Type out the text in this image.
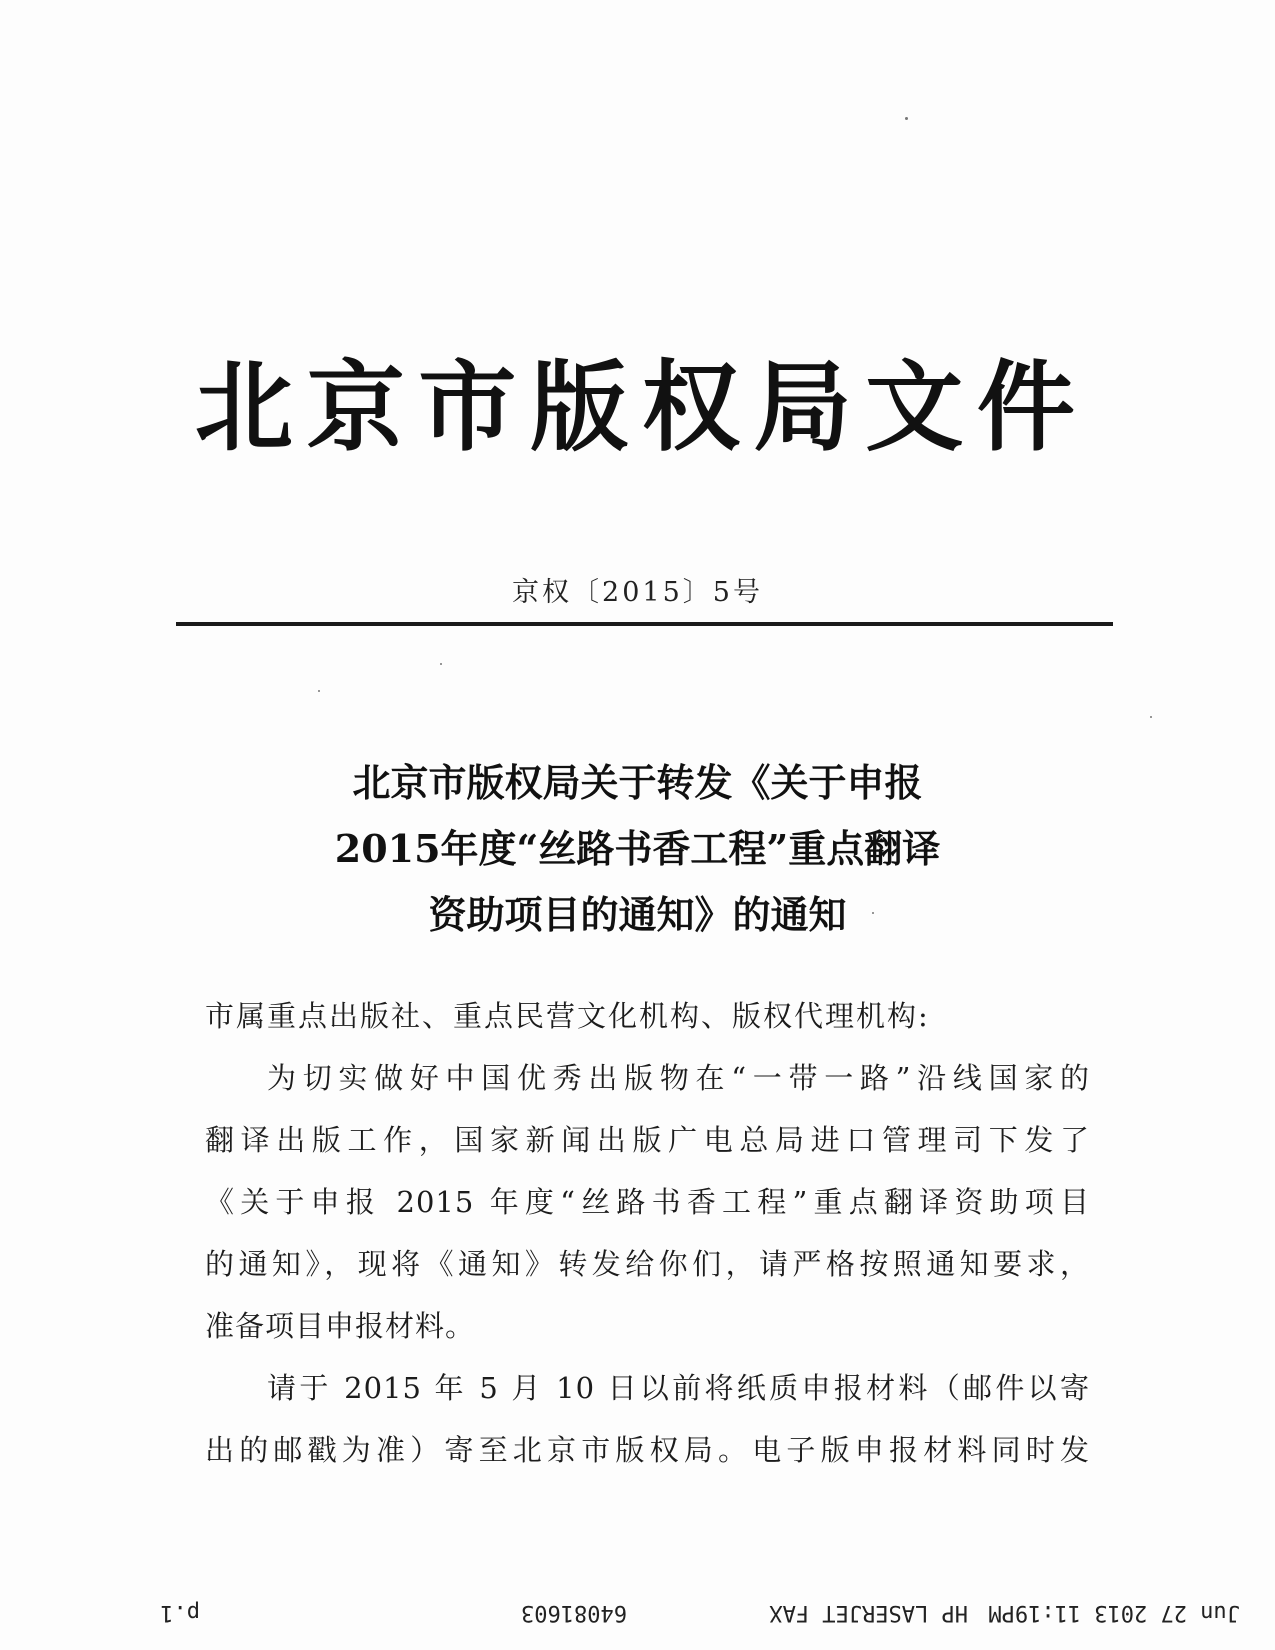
北 京 市 版 权 局 文 件
京权〔2015〕5号
北京市版权局关于转发《关于申报
2015年度“丝路书香工程”重点翻译
资助项目的通知》的通知
市属重点出版社、重点民营文化机构、版权代理机构:
为切实做好中国优秀出版物在“一带一路”沿线国家的
翻译出版工作，国家新闻出版广电总局进口管理司下发了
《关于申报 2015 年度“丝路书香工程”重点翻译资助项目
的通知》，现将《通知》转发给你们，请严格按照通知要求，
准备项目申报材料。
请于 2015 年 5 月 10 日以前将纸质申报材料（邮件以寄
出的邮戳为准）寄至北京市版权局。电子版申报材料同时发
Jun 27 2013 11:19PM
HP LASERJET FAX
64081603
p.1
